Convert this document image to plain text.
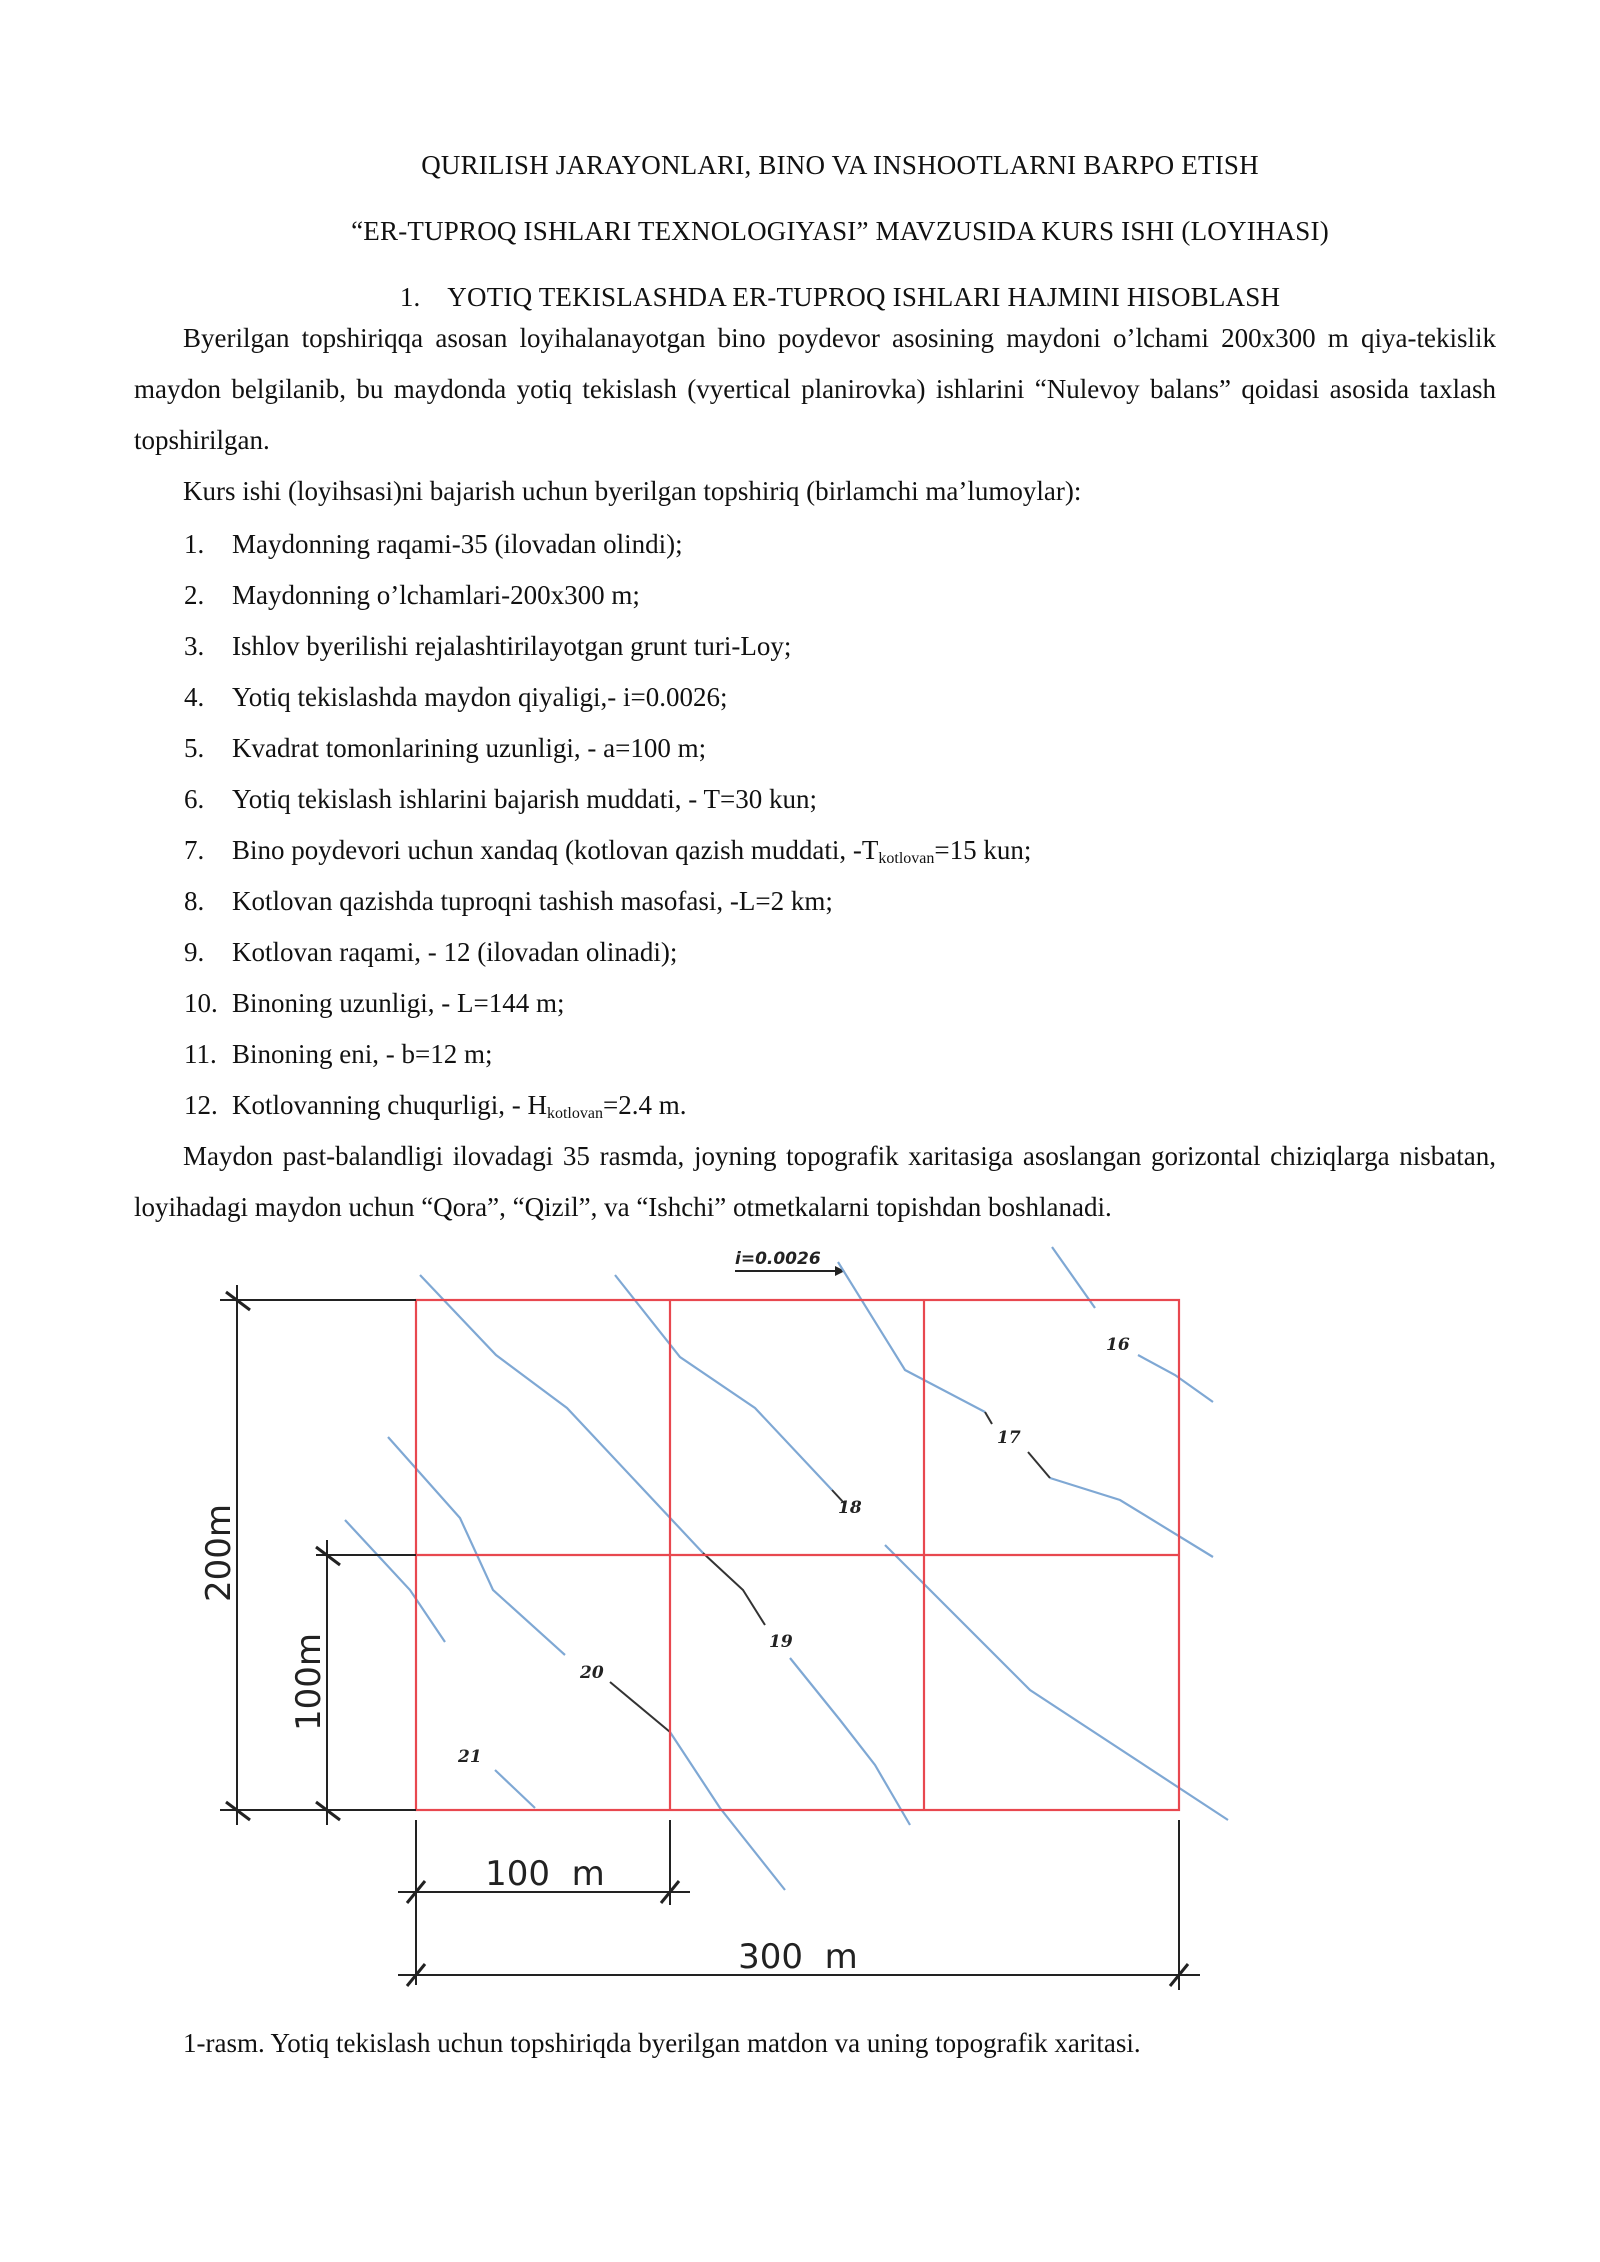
QURILISH JARAYONLARI, BINO VA INSHOOTLARNI BARPO ETISH
“ER-TUPROQ ISHLARI TEXNOLOGIYASI” MAVZUSIDA KURS ISHI (LOYIHASI)
1. YOTIQ TEKISLASHDA ER-TUPROQ ISHLARI HAJMINI HISOBLASH

Byerilgan topshiriqqa asosan loyihalanayotgan bino poydevor asosining maydoni o’lchami 200x300 m qiya-tekislik maydon belgilanib, bu maydonda yotiq tekislash (vyertical planirovka) ishlarini “Nulevoy balans” qoidasi asosida taxlash topshirilgan.

Kurs ishi (loyihsasi)ni bajarish uchun byerilgan topshiriq (birlamchi ma’lumoylar):

1. Maydonning raqami-35 (ilovadan olindi);
2. Maydonning o’lchamlari-200x300 m;
3. Ishlov byerilishi rejalashtirilayotgan grunt turi-Loy;
4. Yotiq tekislashda maydon qiyaligi,- i=0.0026;
5. Kvadrat tomonlarining uzunligi, - a=100 m;
6. Yotiq tekislash ishlarini bajarish muddati, - T=30 kun;
7. Bino poydevori uchun xandaq (kotlovan qazish muddati, $-T_{kotlovan}=15$ kun;
8. Kotlovan qazishda tuproqni tashish masofasi, -L=2 km;
9. Kotlovan raqami, - 12 (ilovadan olinadi);
10. Binoning uzunligi, - L=144 m;
11. Binoning eni, - b=12 m;
12. Kotlovanning chuqurligi, - $H_{kotlovan}=2.4$ m.

Maydon past-balandligi ilovadagi 35 rasmda, joyning topografik xaritasiga asoslangan gorizontal chiziqlarga nisbatan, loyihadagi maydon uchun “Qora”, “Qizil”, va “Ishchi” otmetkalarni topishdan boshlanadi.

i=0.0026
16
17
18
19
20
21
200m
100m
100  m
300  m
1-rasm. Yotiq tekislash uchun topshiriqda byerilgan matdon va uning topografik xaritasi.
